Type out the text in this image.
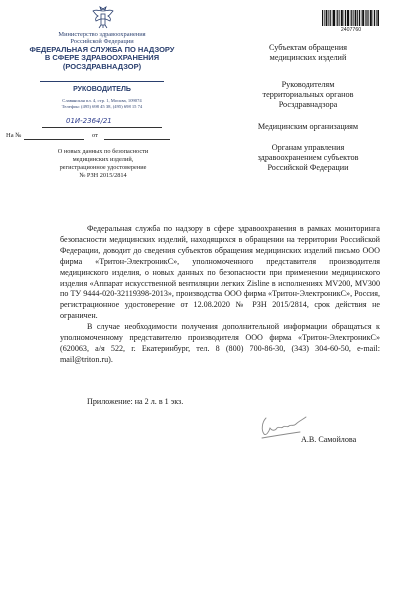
Министерство здравоохранения
Российской Федерации
ФЕДЕРАЛЬНАЯ СЛУЖБА ПО НАДЗОРУ
В СФЕРЕ ЗДРАВООХРАНЕНИЯ
(РОСЗДРАВНАДЗОР)
РУКОВОДИТЕЛЬ
Славянская пл. 4, стр. 1, Москва, 109074
Телефон: (495) 698 45 38, (495) 698 15 74
01И-2364/21
На №	от
О новых данных по безопасности
медицинских изделий,
регистрационное удостоверение
№ РЗН 2015/2814
2407760
Субъектам обращения
медицинских изделий
Руководителям
территориальных органов
Росздравнадзора
Медицинским организациям
Органам управления
здравоохранением субъектов
Российской Федерации

Федеральная служба по надзору в сфере здравоохранения в рамках мониторинга безопасности медицинских изделий, находящихся в обращении на территории Российской Федерации, доводит до сведения субъектов обращения медицинских изделий письмо ООО фирма «Тритон-ЭлектроникС», уполномоченного представителя производителя медицинского изделия, о новых данных по безопасности при применении медицинского изделия «Аппарат искусственной вентиляции легких Zisline в исполнениях MV200, MV300 по ТУ 9444-020-32119398-2013», производства ООО фирма «Тритон-ЭлектроникС», Россия, регистрационное удостоверение от 12.08.2020 № РЗН 2015/2814, срок действия не ограничен.

В случае необходимости получения дополнительной информации обращаться к уполномоченному представителю производителя ООО фирма «Тритон-ЭлектроникС» (620063, а/я 522, г. Екатеринбург, тел. 8 (800) 700-86-30, (343) 304-60-50, e-mail: mail@triton.ru).

Приложение: на 2 л. в 1 экз.
А.В. Самойлова
